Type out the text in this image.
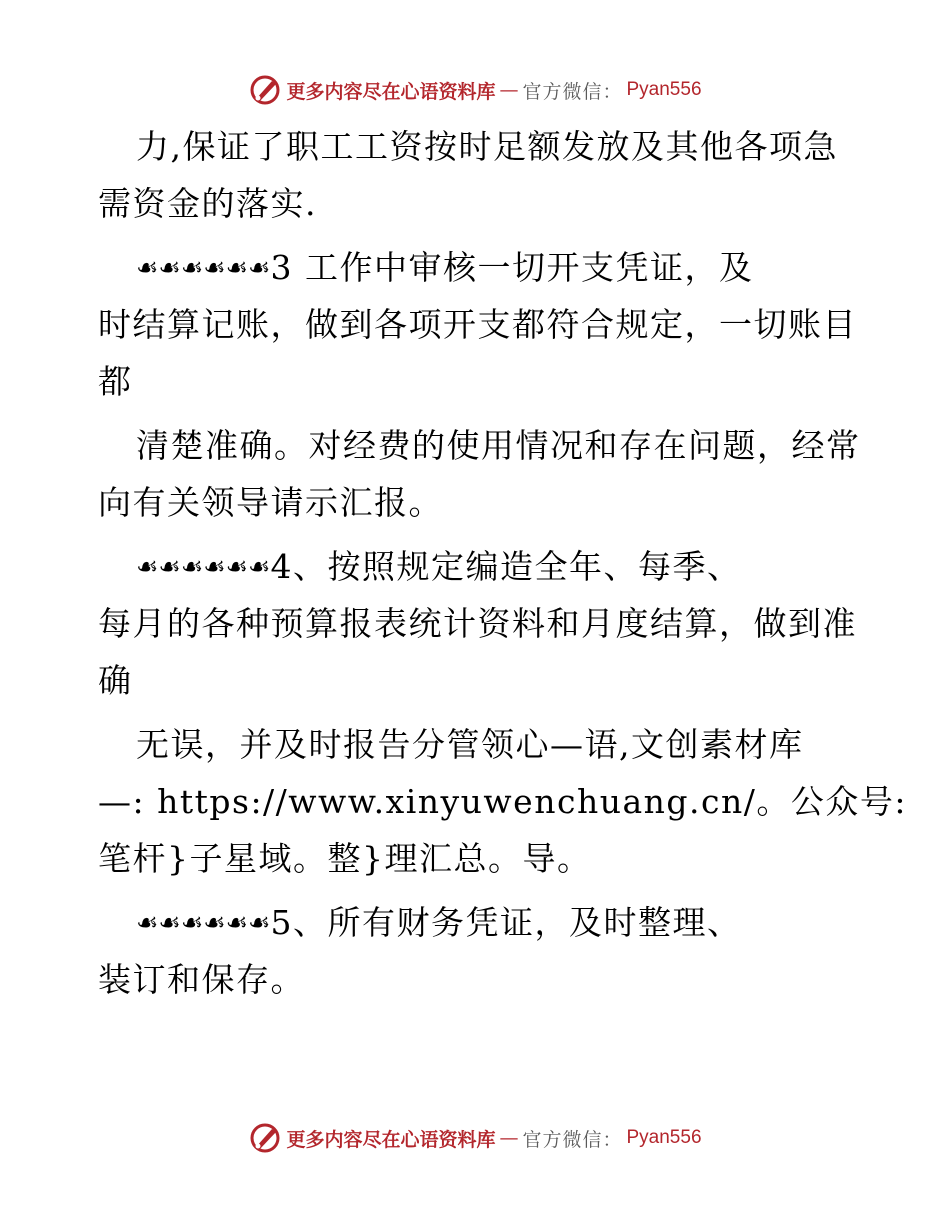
更多内容尽在心语资料库 — 官方微信： Pyan556
力,保证了职工工资按时足额发放及其他各项急
需资金的落实.
☙☙☙☙☙☙3 工作中审核一切开支凭证，及
时结算记账，做到各项开支都符合规定，一切账目
都
清楚准确。对经费的使用情况和存在问题，经常
向有关领导请示汇报。
☙☙☙☙☙☙4、按照规定编造全年、每季、
每月的各种预算报表统计资料和月度结算，做到准
确
无误，并及时报告分管领心—语,文创素材库
—: https://www.xinyuwenchuang.cn/。公众号:
笔杆}子星域。整}理汇总。导。
☙☙☙☙☙☙5、所有财务凭证，及时整理、
装订和保存。
更多内容尽在心语资料库 — 官方微信： Pyan556
